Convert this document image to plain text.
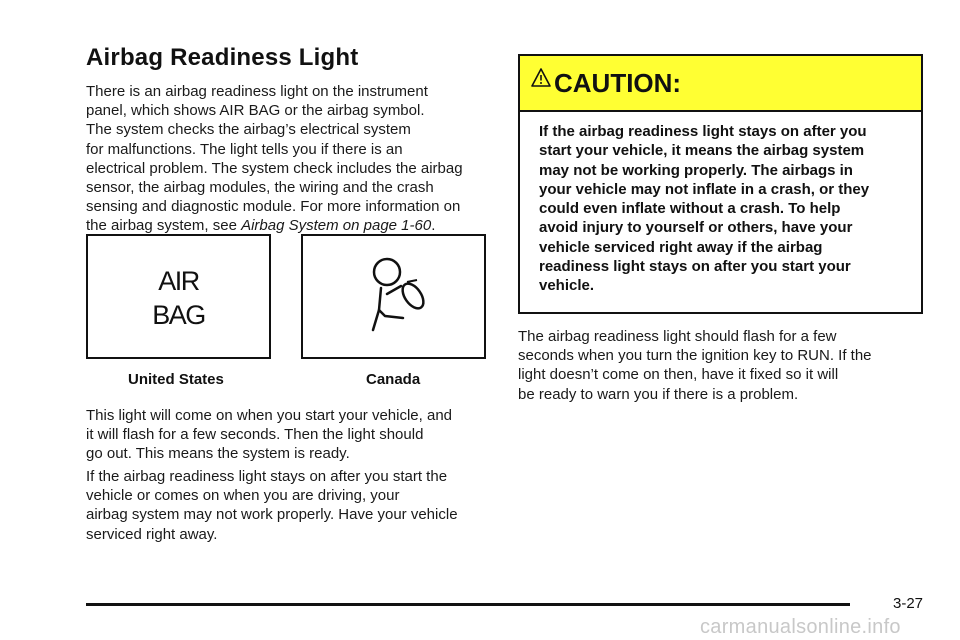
Airbag Readiness Light

There is an airbag readiness light on the instrument
panel, which shows AIR BAG or the airbag symbol.
The system checks the airbag’s electrical system
for malfunctions. The light tells you if there is an
electrical problem. The system check includes the airbag
sensor, the airbag modules, the wiring and the crash
sensing and diagnostic module. For more information on
the airbag system, see Airbag System on page 1-60.

AIR
BAG
United States	Canada

This light will come on when you start your vehicle, and
it will flash for a few seconds. Then the light should
go out. This means the system is ready.

If the airbag readiness light stays on after you start the
vehicle or comes on when you are driving, your
airbag system may not work properly. Have your vehicle
serviced right away.

CAUTION:
If the airbag readiness light stays on after you
start your vehicle, it means the airbag system
may not be working properly. The airbags in
your vehicle may not inflate in a crash, or they
could even inflate without a crash. To help
avoid injury to yourself or others, have your
vehicle serviced right away if the airbag
readiness light stays on after you start your
vehicle.

The airbag readiness light should flash for a few
seconds when you turn the ignition key to RUN. If the
light doesn’t come on then, have it fixed so it will
be ready to warn you if there is a problem.

3-27
carmanualsonline.info
